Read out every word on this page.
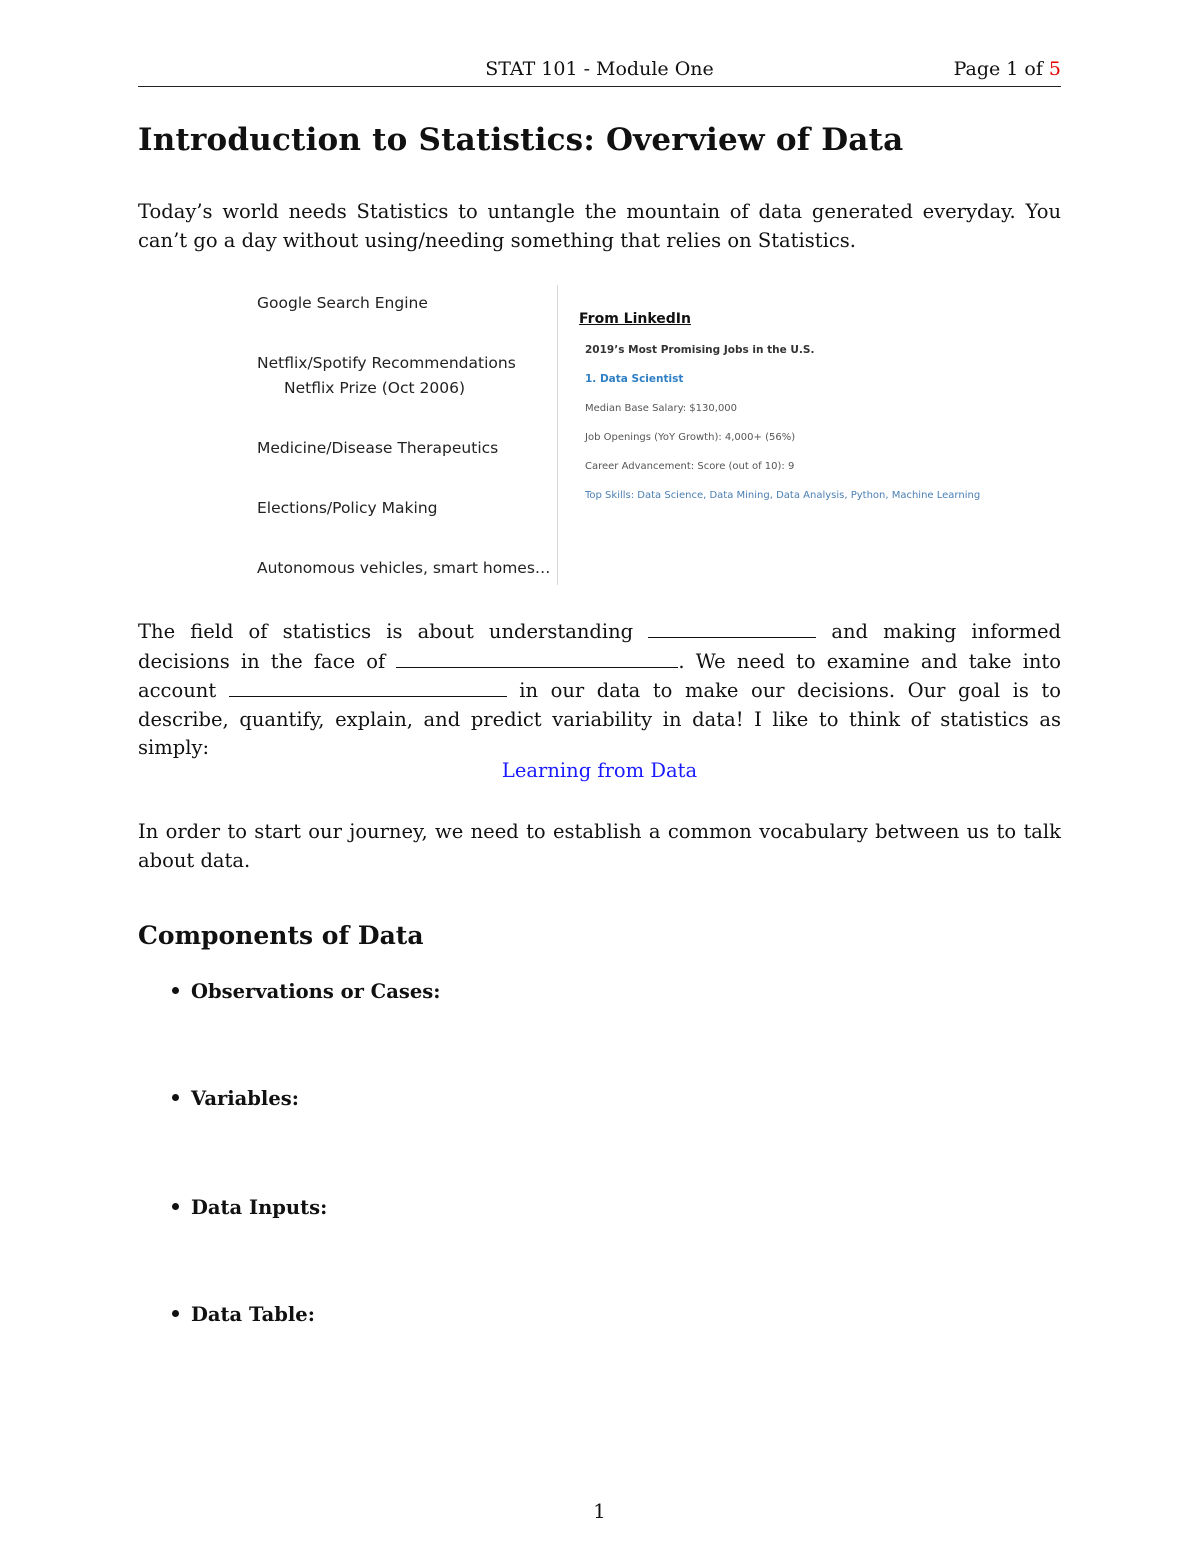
STAT 101 - Module One	Page 1 of 5
Introduction to Statistics: Overview of Data

Today’s world needs Statistics to untangle the mountain of data generated everyday. You can’t go a day without using/needing something that relies on Statistics.

Google Search Engine
Netflix/Spotify Recommendations
Netflix Prize (Oct 2006)
Medicine/Disease Therapeutics
Elections/Policy Making
Autonomous vehicles, smart homes…
From LinkedIn
2019’s Most Promising Jobs in the U.S.
1. Data Scientist
Median Base Salary: $130,000
Job Openings (YoY Growth): 4,000+ (56%)
Career Advancement: Score (out of 10): 9
Top Skills: Data Science, Data Mining, Data Analysis, Python, Machine Learning

The field of statistics is about understanding	and making informed decisions in the face of	. We need to examine and take into account	in our data to make our decisions. Our goal is to describe, quantify, explain, and predict variability in data! I like to think of statistics as simply:

Learning from Data

In order to start our journey, we need to establish a common vocabulary between us to talk about data.

Components of Data
Observations or Cases:
Variables:
Data Inputs:
Data Table:
1
